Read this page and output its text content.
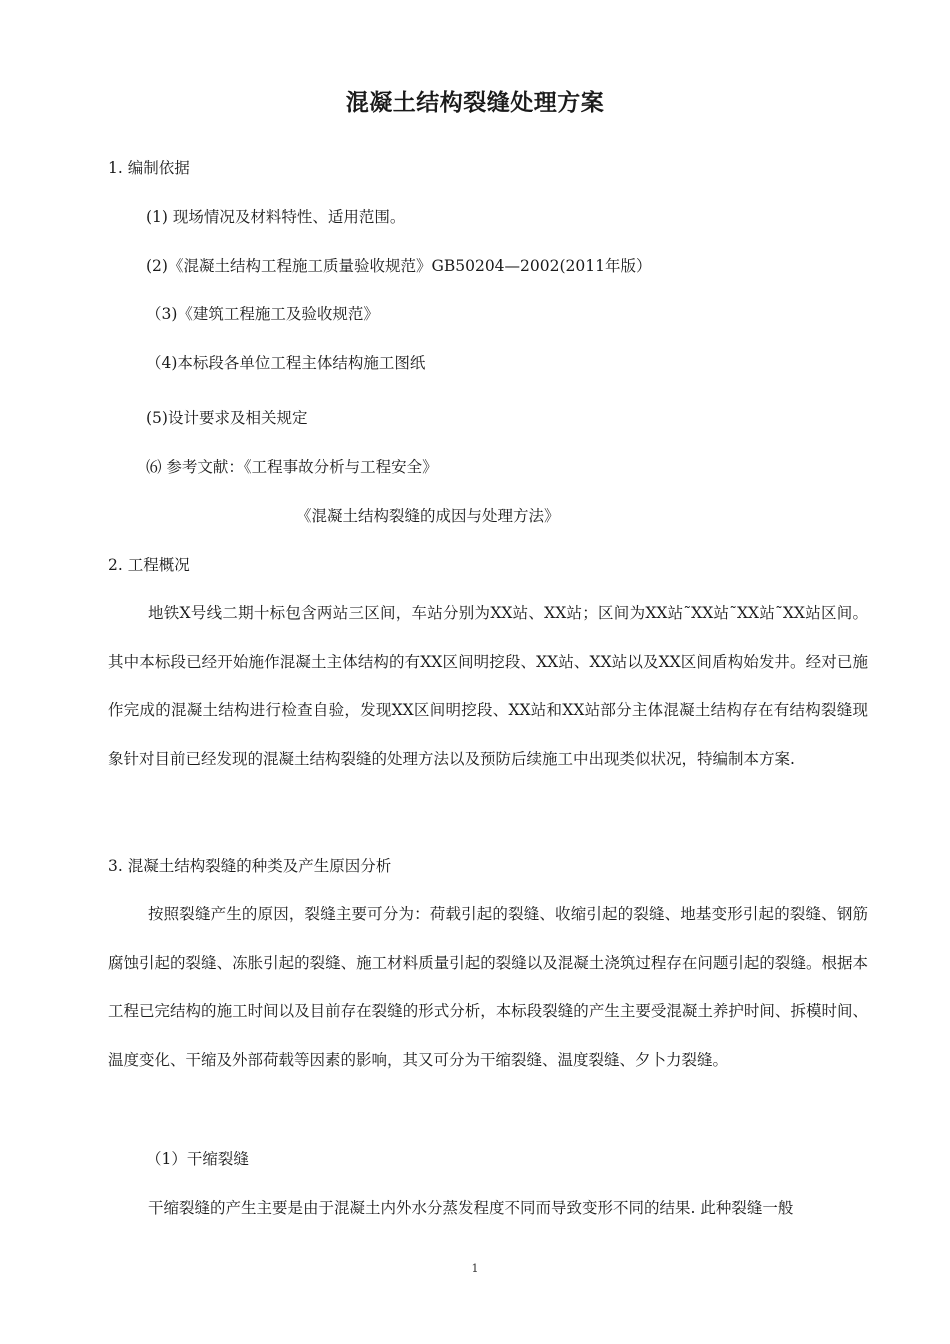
混凝土结构裂缝处理方案
1. 编制依据
(1) 现场情况及材料特性、适用范围。
(2)《混凝土结构工程施工质量验收规范》GB50204—2002(2011年版）
（3)《建筑工程施工及验收规范》
（4)本标段各单位工程主体结构施工图纸
(5)设计要求及相关规定
⑹ 参考文献：《工程事故分析与工程安全》
《混凝土结构裂缝的成因与处理方法》
2. 工程概况
地铁X号线二期十标包含两站三区间，车站分别为XX站、XX站；区间为XX站˜XX站˜XX站˜XX站区间。其中本标段已经开始施作混凝土主体结构的有XX区间明挖段、XX站、XX站以及XX区间盾构始发井。经对已施作完成的混凝土结构进行检查自验，发现XX区间明挖段、XX站和XX站部分主体混凝土结构存在有结构裂缝现象针对目前已经发现的混凝土结构裂缝的处理方法以及预防后续施工中出现类似状况，特编制本方案.
3. 混凝土结构裂缝的种类及产生原因分析
按照裂缝产生的原因，裂缝主要可分为：荷载引起的裂缝、收缩引起的裂缝、地基变形引起的裂缝、钢筋腐蚀引起的裂缝、冻胀引起的裂缝、施工材料质量引起的裂缝以及混凝土浇筑过程存在问题引起的裂缝。根据本工程已完结构的施工时间以及目前存在裂缝的形式分析，本标段裂缝的产生主要受混凝土养护时间、拆模时间、温度变化、干缩及外部荷载等因素的影响，其又可分为干缩裂缝、温度裂缝、夕卜力裂缝。
（1）干缩裂缝
干缩裂缝的产生主要是由于混凝土内外水分蒸发程度不同而导致变形不同的结果. 此种裂缝一般
1
